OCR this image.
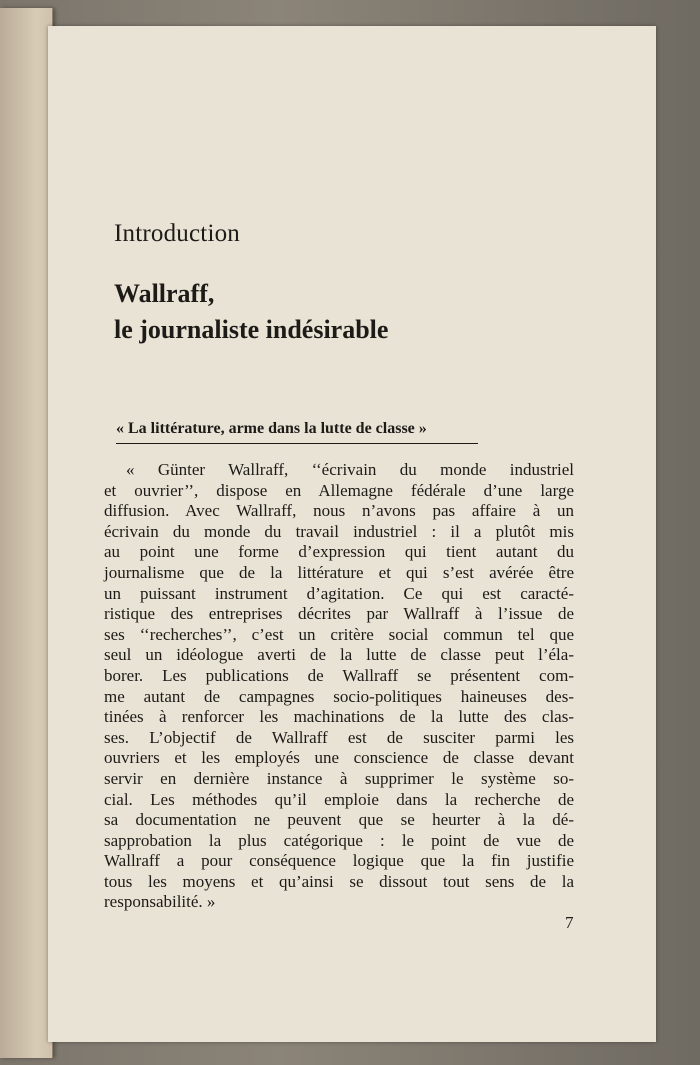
Introduction
Wallraff,
le journaliste indésirable
« La littérature, arme dans la lutte de classe »

« Günter Wallraff, ‘‘écrivain du monde industriel
et ouvrier’’, dispose en Allemagne fédérale d’une large
diffusion. Avec Wallraff, nous n’avons pas affaire à un
écrivain du monde du travail industriel : il a plutôt mis
au point une forme d’expression qui tient autant du
journalisme que de la littérature et qui s’est avérée être
un puissant instrument d’agitation. Ce qui est caracté-
ristique des entreprises décrites par Wallraff à l’issue de
ses ‘‘recherches’’, c’est un critère social commun tel que
seul un idéologue averti de la lutte de classe peut l’éla-
borer. Les publications de Wallraff se présentent com-
me autant de campagnes socio-politiques haineuses des-
tinées à renforcer les machinations de la lutte des clas-
ses. L’objectif de Wallraff est de susciter parmi les
ouvriers et les employés une conscience de classe devant
servir en dernière instance à supprimer le système so-
cial. Les méthodes qu’il emploie dans la recherche de
sa documentation ne peuvent que se heurter à la dé-
sapprobation la plus catégorique : le point de vue de
Wallraff a pour conséquence logique que la fin justifie
tous les moyens et qu’ainsi se dissout tout sens de la
responsabilité. »

7
